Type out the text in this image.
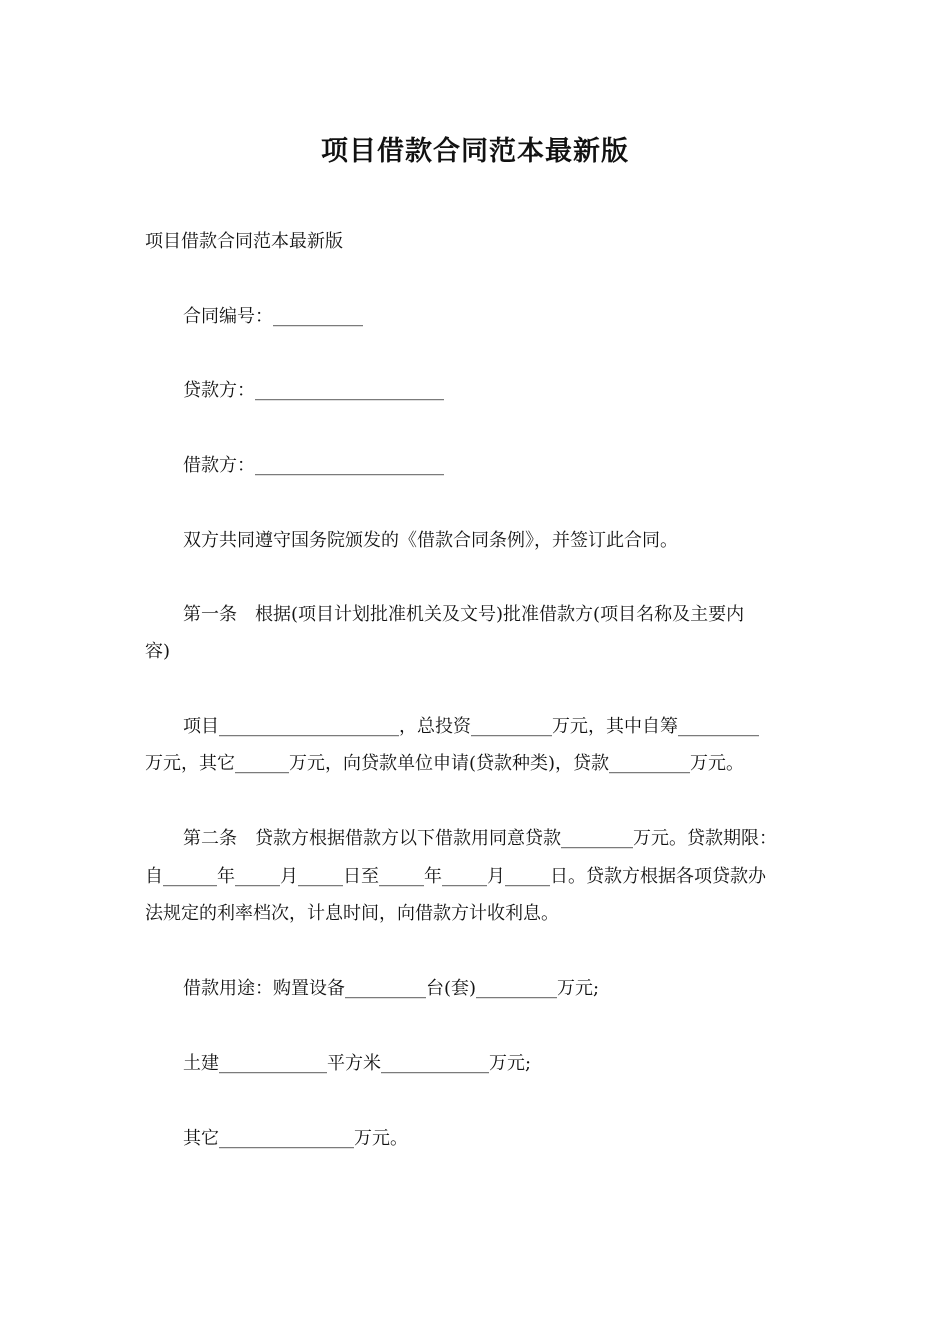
项目借款合同范本最新版
项目借款合同范本最新版
合同编号：__________
贷款方：_____________________
借款方：_____________________
双方共同遵守国务院颁发的《借款合同条例》，并签订此合同。
第一条　根据(项目计划批准机关及文号)批准借款方(项目名称及主要内
容)
项目____________________，总投资_________万元，其中自筹_________
万元，其它______万元，向贷款单位申请(贷款种类)，贷款_________万元。
第二条　贷款方根据借款方以下借款用同意贷款________万元。贷款期限：
自______年_____月_____日至_____年_____月_____日。贷款方根据各项贷款办
法规定的利率档次，计息时间，向借款方计收利息。
借款用途：购置设备_________台(套)_________万元;
土建____________平方米____________万元;
其它_______________万元。
